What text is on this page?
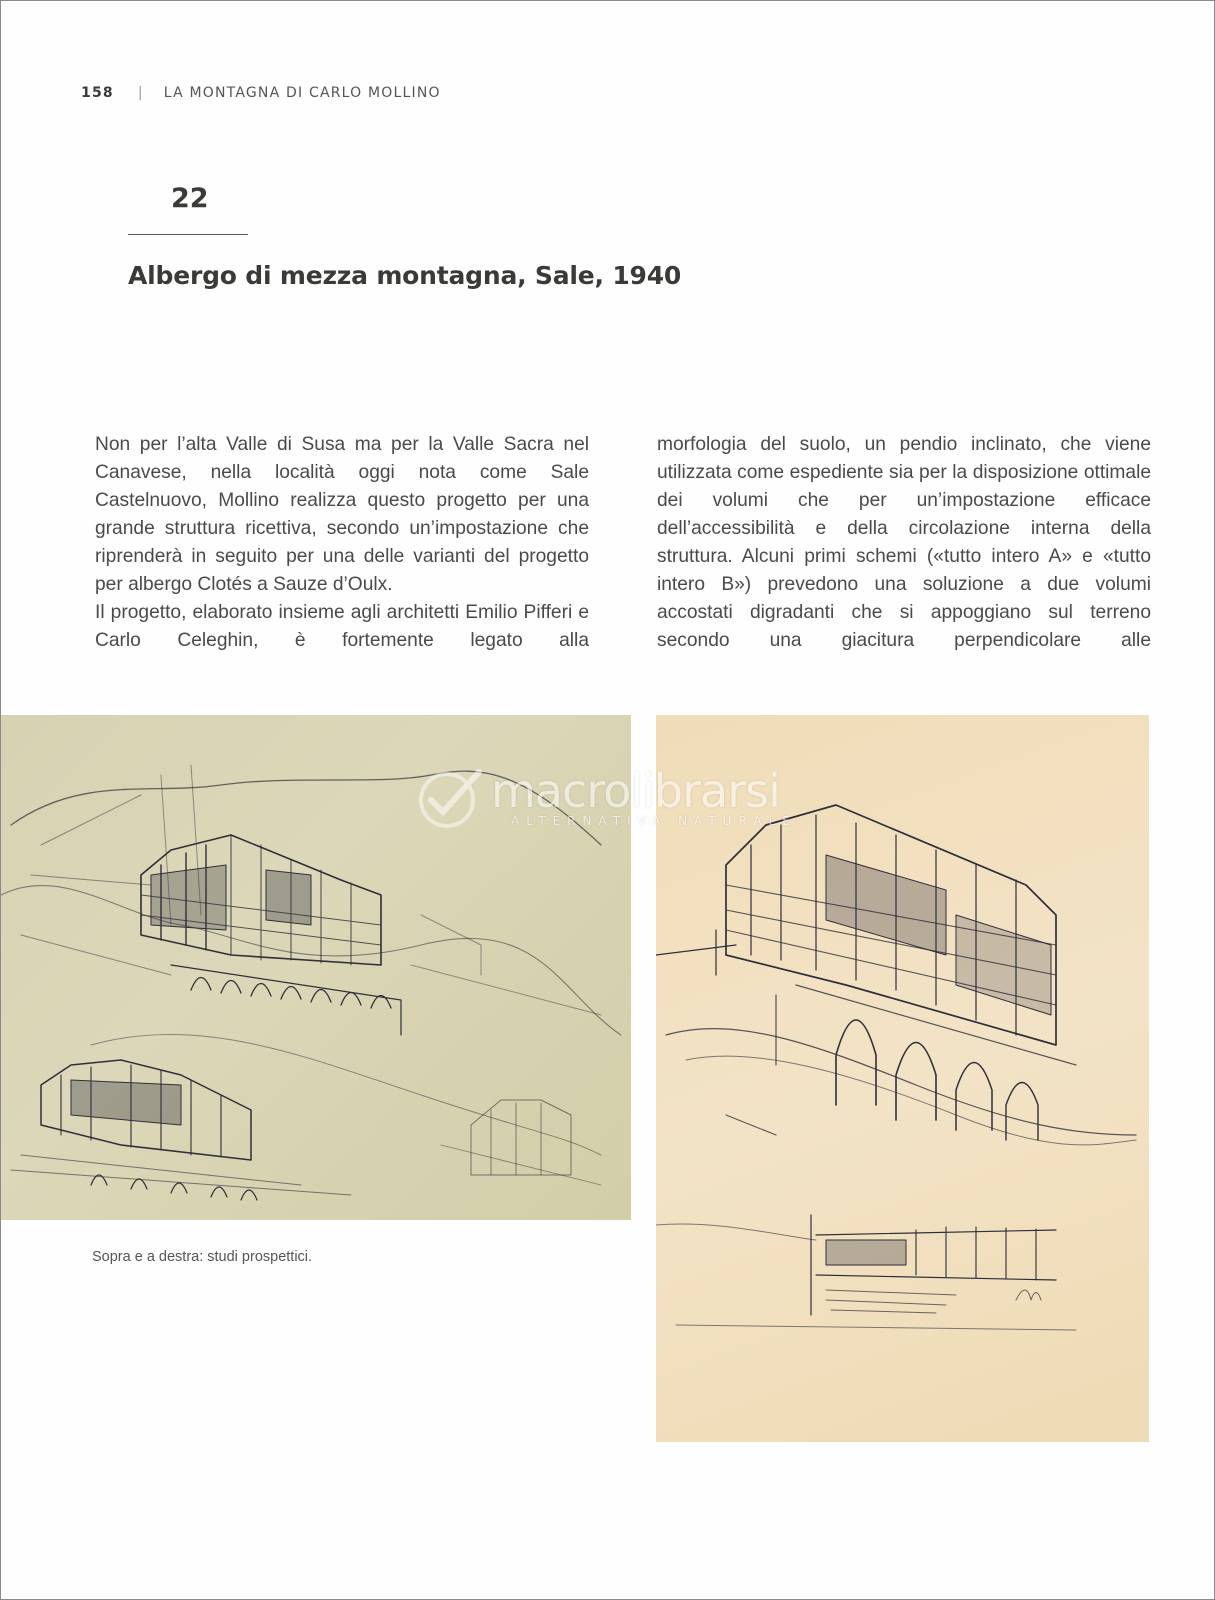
158 | LA MONTAGNA DI CARLO MOLLINO
22
Albergo di mezza montagna, Sale, 1940

Non per l’alta Valle di Susa ma per la Valle Sacra nel Canavese, nella località oggi nota come Sale Castelnuovo, Mollino realizza questo progetto per una grande struttura ricettiva, secondo un’impostazione che riprenderà in seguito per una delle varianti del progetto per albergo Clotés a Sauze d’Oulx.

Il progetto, elaborato insieme agli architetti Emilio Pifferi e Carlo Celeghin, è fortemente legato alla

morfologia del suolo, un pendio inclinato, che viene utilizzata come espediente sia per la disposizione ottimale dei volumi che per un’impostazione efficace dell’accessibilità e della circolazione interna della struttura. Alcuni primi schemi («tutto intero A» e «tutto intero B») prevedono una soluzione a due volumi accostati digradanti che si appoggiano sul terreno secondo una giacitura perpendicolare alle

Sopra e a destra: studi prospettici.
macrolibrarsi
ALTERNATIVA NATURALE
